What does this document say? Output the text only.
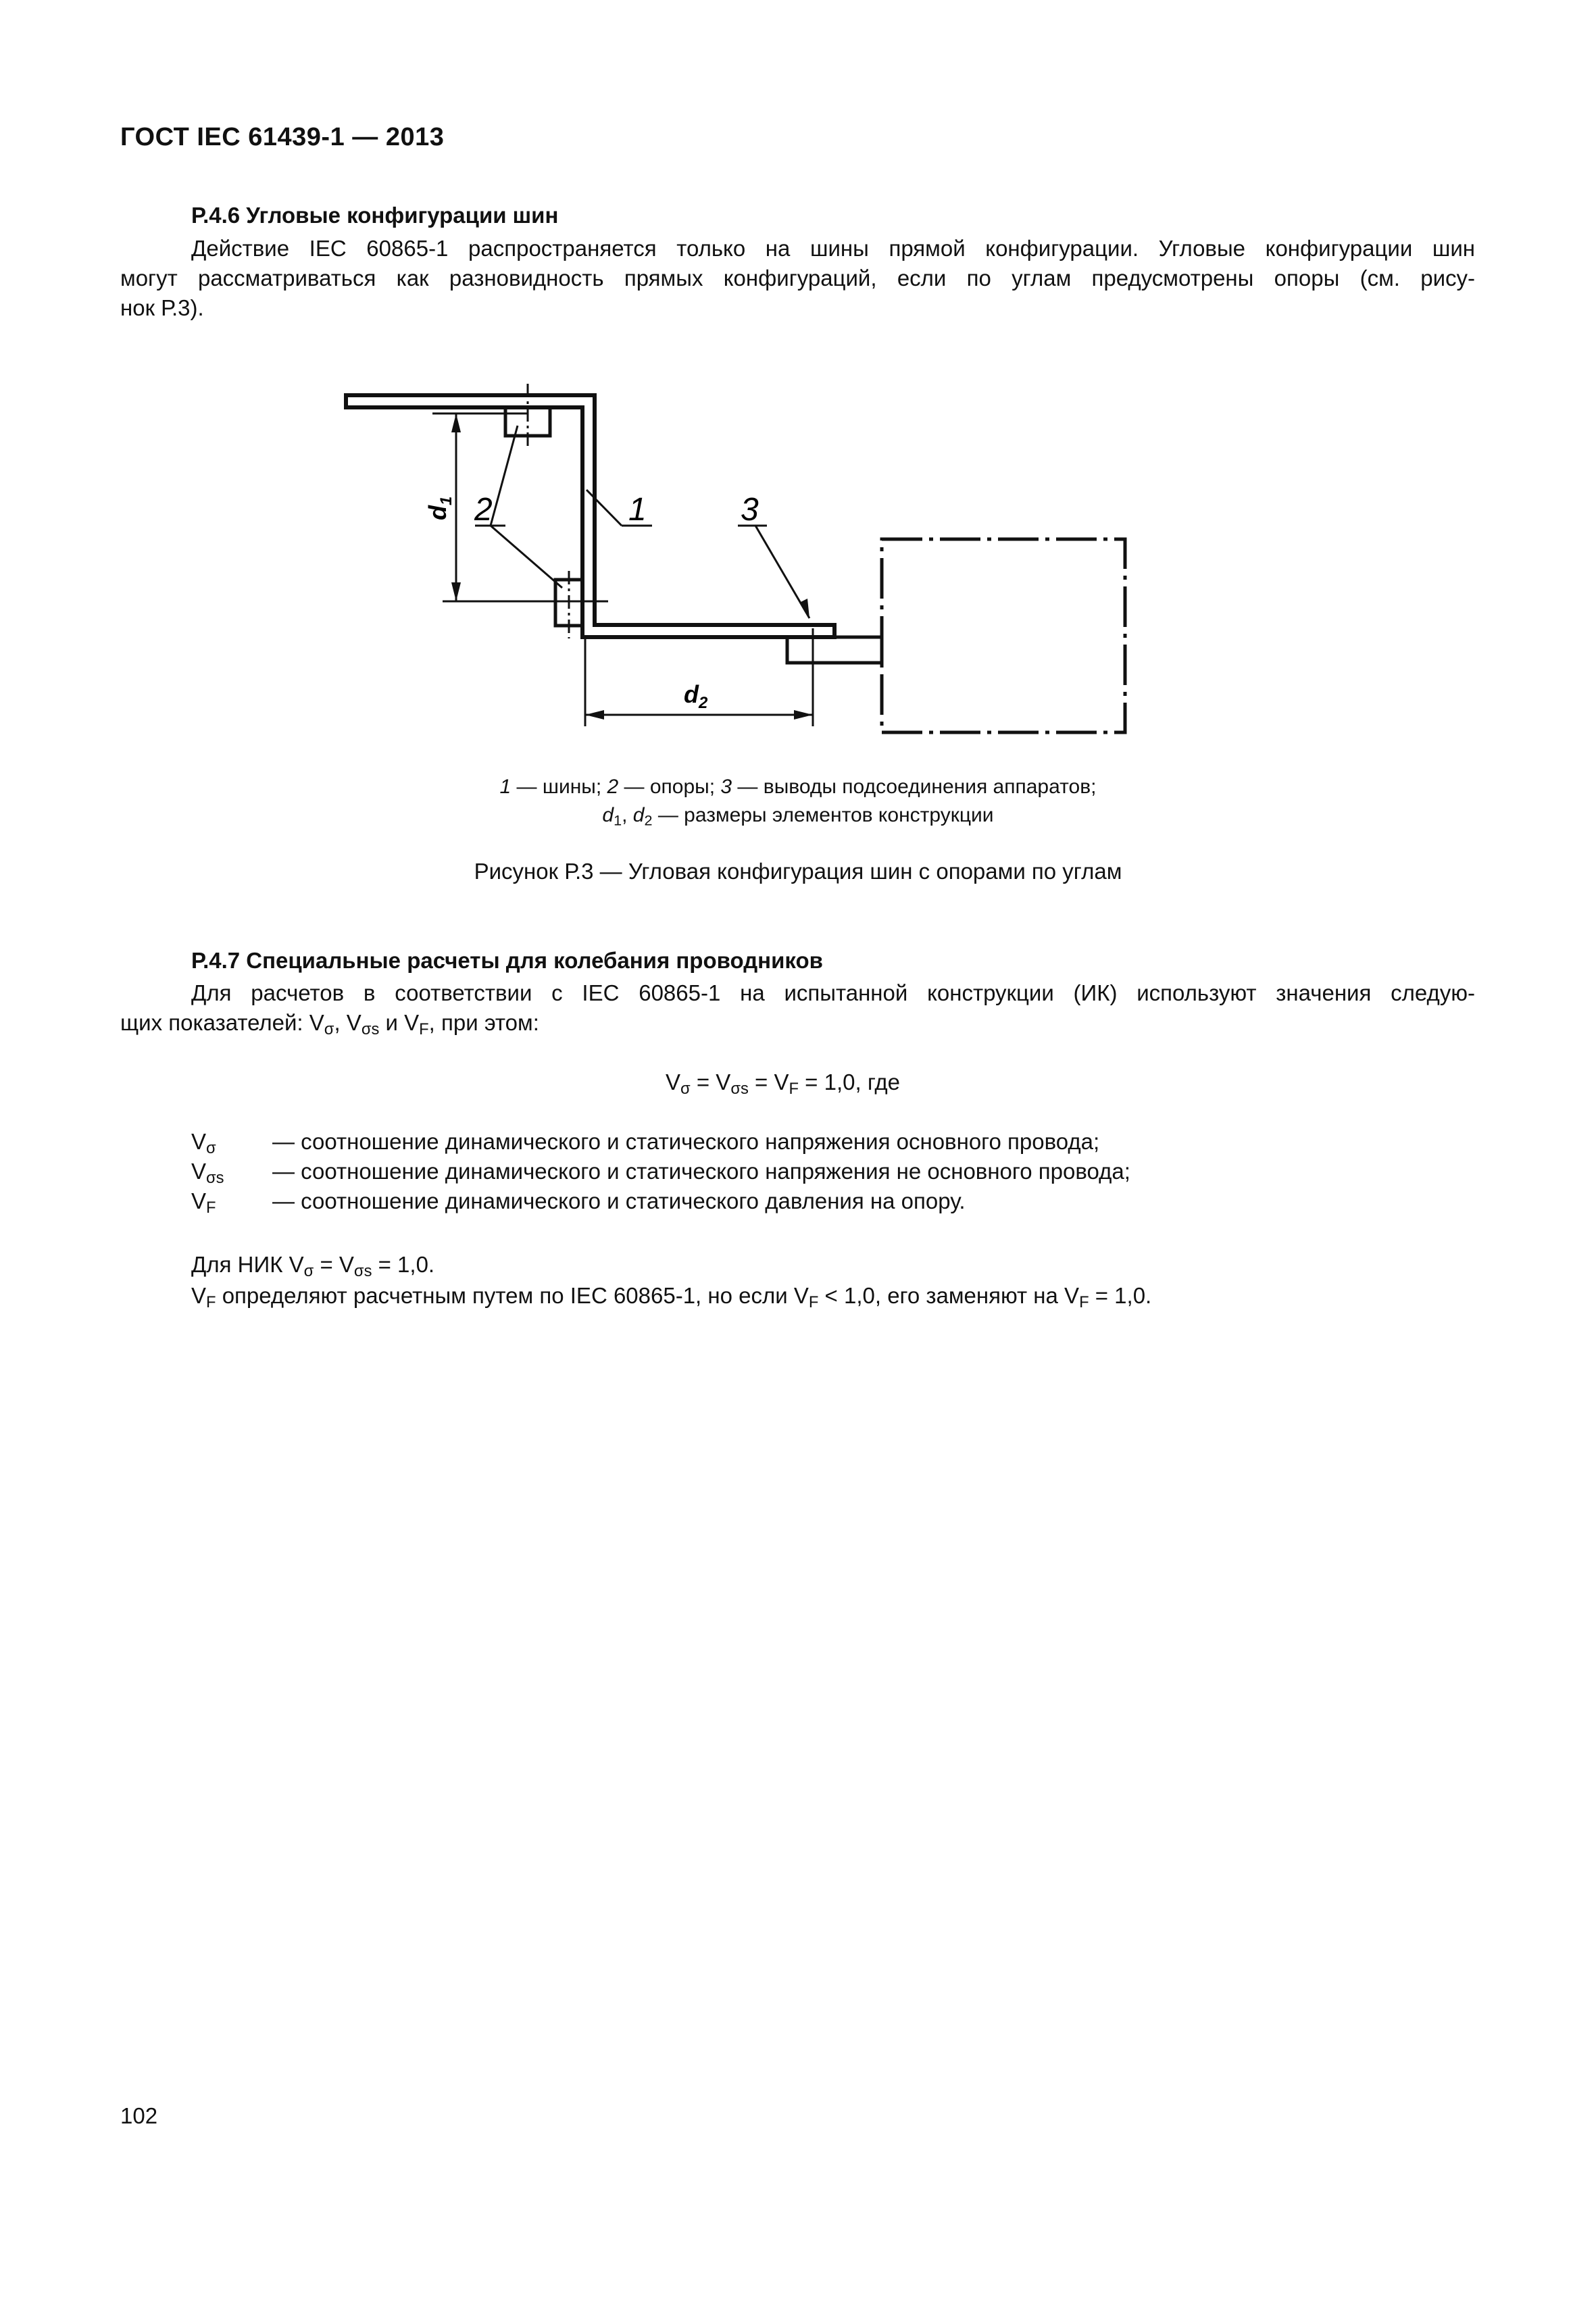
ГОСТ IEC 61439-1 — 2013
Р.4.6 Угловые конфигурации шин
Действие IEC 60865-1 распространяется только на шины прямой конфигурации. Угловые конфигурации шин
могут рассматриваться как разновидность прямых конфигураций, если по углам предусмотрены опоры (см. рису-
нок Р.3).
2	1	3
$d_1$
$d_2$
1 — шины; 2 — опоры; 3 — выводы подсоединения аппаратов;
$d_1$, $d_2$ — размеры элементов конструкции
Рисунок Р.3 — Угловая конфигурация шин с опорами по углам
Р.4.7 Специальные расчеты для колебания проводников
Для расчетов в соответствии с IEC 60865-1 на испытанной конструкции (ИК) используют значения следую-
щих показателей: $V_\sigma$, $V_{\sigma s}$ и $V_F$, при этом:
$V_\sigma = V_{\sigma s} = V_F = 1,0$, где
$V_\sigma$	— соотношение динамического и статического напряжения основного провода;
$V_{\sigma s}$	— соотношение динамического и статического напряжения не основного провода;
$V_F$	— соотношение динамического и статического давления на опору.
Для НИК $V_\sigma = V_{\sigma s} = 1,0$.
$V_F$ определяют расчетным путем по IEC 60865-1, но если $V_F < 1,0$, его заменяют на $V_F = 1,0$.
102
